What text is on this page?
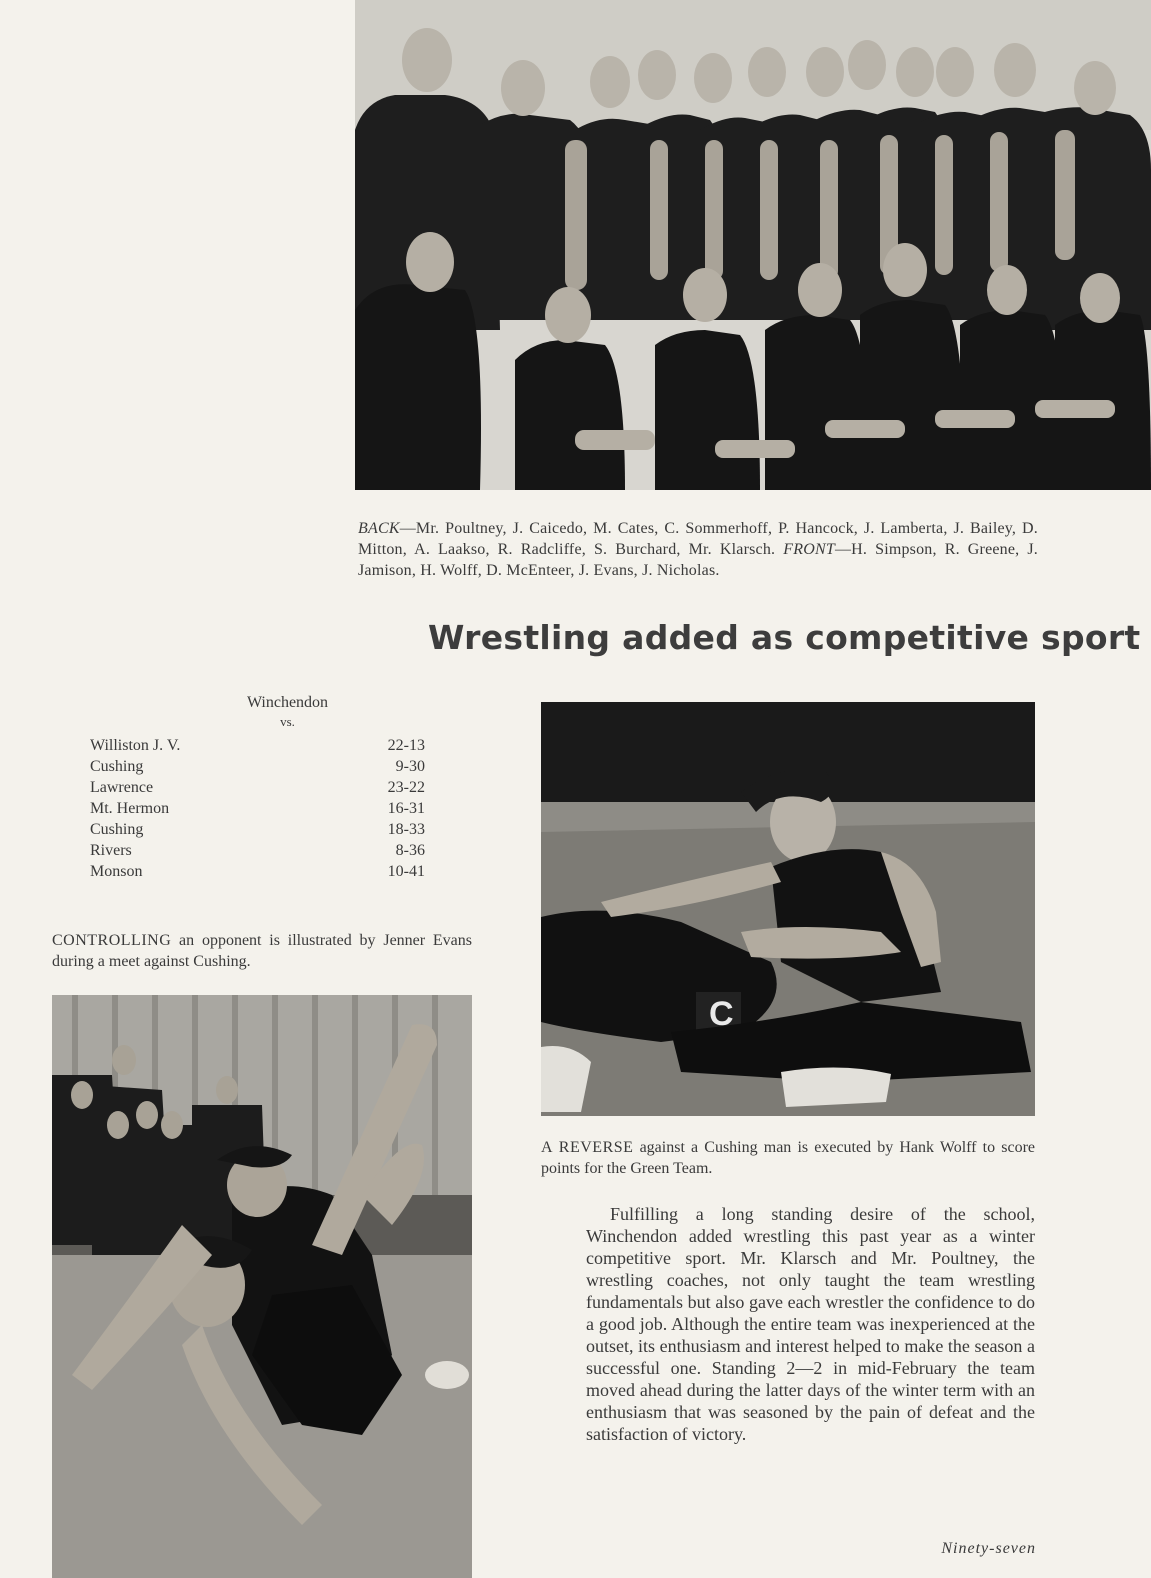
BACK—Mr. Poultney, J. Caicedo, M. Cates, C. Sommerhoff, P. Hancock, J. Lamberta, J. Bailey, D. Mitton, A. Laakso, R. Radcliffe, S. Burchard, Mr. Klarsch. FRONT—H. Simpson, R. Greene, J. Jamison, H. Wolff, D. McEnteer, J. Evans, J. Nicholas.
Wrestling added as competitive sport
Winchendon
vs.
Williston J. V.	22-13
Cushing	9-30
Lawrence	23-22
Mt. Hermon	16-31
Cushing	18-33
Rivers	8-36
Monson	10-41
CONTROLLING an opponent is illustrated by Jenner Evans during a meet against Cushing.
C
A REVERSE against a Cushing man is executed by Hank Wolff to score points for the Green Team.

Fulfilling a long standing desire of the school, Winchendon added wrestling this past year as a winter competitive sport. Mr. Klarsch and Mr. Poultney, the wrestling coaches, not only taught the team wrestling fundamentals but also gave each wrestler the confidence to do a good job. Although the entire team was inexperienced at the outset, its enthusiasm and interest helped to make the season a successful one. Standing 2—2 in mid-February the team moved ahead during the latter days of the winter term with an enthusiasm that was seasoned by the pain of defeat and the satisfaction of victory.

Ninety-seven
